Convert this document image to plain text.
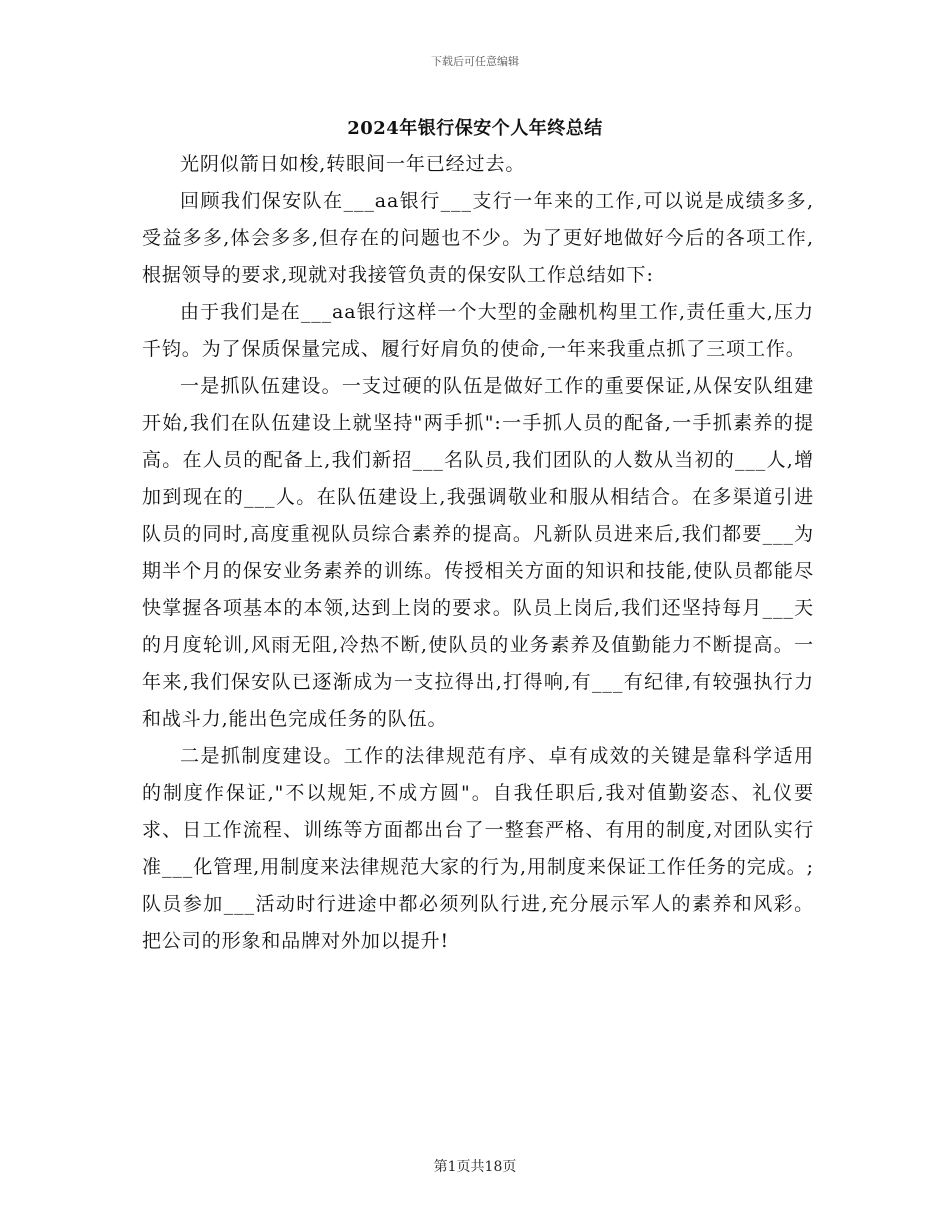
下载后可任意编辑
2024年银行保安个人年终总结

光阴似箭日如梭,转眼间一年已经过去。

回顾我们保安队在___aa银行___支行一年来的工作,可以说是成绩多多,受益多多,体会多多,但存在的问题也不少。为了更好地做好今后的各项工作,根据领导的要求,现就对我接管负责的保安队工作总结如下:

由于我们是在___aa银行这样一个大型的金融机构里工作,责任重大,压力千钧。为了保质保量完成、履行好肩负的使命,一年来我重点抓了三项工作。

一是抓队伍建设。一支过硬的队伍是做好工作的重要保证,从保安队组建开始,我们在队伍建设上就坚持"两手抓":一手抓人员的配备,一手抓素养的提高。在人员的配备上,我们新招___名队员,我们团队的人数从当初的___人,增加到现在的___人。在队伍建设上,我强调敬业和服从相结合。在多渠道引进队员的同时,高度重视队员综合素养的提高。凡新队员进来后,我们都要___为期半个月的保安业务素养的训练。传授相关方面的知识和技能,使队员都能尽快掌握各项基本的本领,达到上岗的要求。队员上岗后,我们还坚持每月___天的月度轮训,风雨无阻,冷热不断,使队员的业务素养及值勤能力不断提高。一年来,我们保安队已逐渐成为一支拉得出,打得响,有___有纪律,有较强执行力和战斗力,能出色完成任务的队伍。

二是抓制度建设。工作的法律规范有序、卓有成效的关键是靠科学适用的制度作保证,"不以规矩,不成方圆"。自我任职后,我对值勤姿态、礼仪要求、日工作流程、训练等方面都出台了一整套严格、有用的制度,对团队实行准___化管理,用制度来法律规范大家的行为,用制度来保证工作任务的完成。;队员参加___活动时行进途中都必须列队行进,充分展示军人的素养和风彩。把公司的形象和品牌对外加以提升!

第1页共18页
